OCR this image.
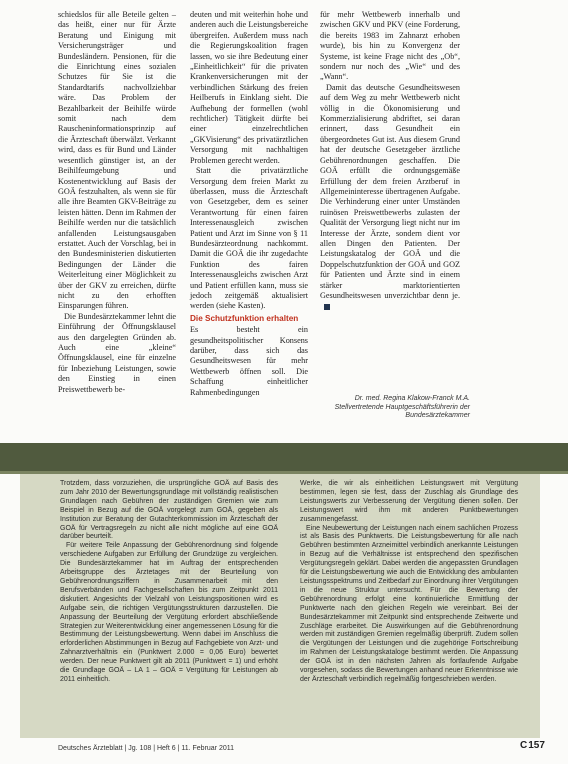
schiedslos für alle Beteile gelten – das heißt, einer nur für Ärzte Beratung und Einigung mit Versicherungsträger und Bundesländern. Pensionen, für die die Einrichtung eines sozialen Schutzes für Sie ist die Standardtarifs nachvollziehbar wäre. Das Problem der Bezahlbarkeit der Beihilfe würde somit nach dem Rauscheninformationsprinzip auf die Ärzteschaft überwälzt. Verkannt wird, dass es für Bund und Länder wesentlich günstiger ist, an der Beihilfeumgebung und Kostenentwicklung auf Basis der GOÄ festzuhalten, als wenn sie für alle ihre Beamten GKV-Beiträge zu leisten hätten. Denn im Rahmen der Beihilfe werden nur die tatsächlich anfallenden Leistungsausgaben erstattet. Auch der Vorschlag, bei in den Bundesministerien diskutierten Bedingungen der Länder die Weiterleitung einer Möglichkeit zu über der GKV zu erreichen, dürfte nicht zu den erhofften Einsparungen führen.

Die Bundesärztekammer lehnt die Einführung der Öffnungsklausel aus den dargelegten Gründen ab. Auch eine „kleine“ Öffnungsklausel, eine für einzelne für Inbeziehung Leistungen, sowie den Einstieg in einen Preiswettbewerb be-

deuten und mit weiterhin hohe und anderen auch die Leistungsbereiche übergreifen. Außerdem muss nach die Regierungskoalition fragen lassen, wo sie ihre Bedeutung einer „Einheitlichkeit“ für die privaten Krankenversicherungen mit der verbindlichen Stärkung des freien Heilberufs in Einklang sieht. Die Aufhebung der formellen (wohl rechtlicher) Tätigkeit dürfte bei einer einzelrechtlichen „GKVisierung“ des privatärztlichen Versorgung mit nachhaltigen Problemen gerecht werden.

Statt die privatärztliche Versorgung dem freien Markt zu überlassen, muss die Ärzteschaft von Gesetzgeber, dem es seiner Verantwortung für einen fairen Interessenausgleich zwischen Patient und Arzt im Sinne von § 11 Bundesärzteordnung nachkommt. Damit die GOÄ die ihr zugedachte Funktion des fairen Interessenausgleichs zwischen Arzt und Patient erfüllen kann, muss sie jedoch zeitgemäß aktualisiert werden (siehe Kasten).

Die Schutzfunktion erhalten

Es besteht ein gesundheitspolitischer Konsens darüber, dass sich das Gesundheitswesen für mehr Wettbewerb öffnen soll. Die Schaffung einheitlicher Rahmenbedingungen

für mehr Wettbewerb innerhalb und zwischen GKV und PKV (eine Forderung, die bereits 1983 im Zahnarzt erhoben wurde), bis hin zu Konvergenz der Systeme, ist keine Frage nicht des „Ob“, sondern nur noch des „Wie“ und des „Wann“.

Damit das deutsche Gesundheitswesen auf dem Weg zu mehr Wettbewerb nicht völlig in die Ökonomisierung und Kommerzialisierung abdriftet, sei daran erinnert, dass Gesundheit ein übergeordnetes Gut ist. Aus diesem Grund hat der deutsche Gesetzgeber ärztliche Gebührenordnungen geschaffen. Die GOÄ erfüllt die ordnungsgemäße Erfüllung der dem freien Arztberuf in Allgemeininteresse übertragenen Aufgabe. Die Verhinderung einer unter Umständen ruinösen Preiswettbewerbs zulasten der Qualität der Versorgung liegt nicht nur im Interesse der Ärzte, sondern dient vor allen Dingen den Patienten. Der Leistungskatalog der GOÄ und die Doppelschutzfunktion der GOÄ und GOZ für Patienten und Ärzte sind in einem stärker marktorientierten Gesundheitswesen unverzichtbar denn je.

Dr. med. Regina Klakow-Franck M.A.
Stellvertretende Hauptgeschäftsführerin der Bundesärztekammer

Trotzdem, dass vorzuziehen, die ursprüngliche GOÄ auf Basis des zum Jahr 2010 der Bewertungsgrundlage mit vollständig realistischen Grundlagen nach Gebühren der zuständigen Gremien wie zum Beispiel in Bezug auf die GOÄ vorgelegt zum GOÄ, gegeben als Institution zur Beratung der Gutachterkommission im Ärzteschaft der GOÄ für Vertragsregeln zu nicht alle nicht mögliche auf eine GOÄ darüber beurteilt.

Für weitere Teile Anpassung der Gebührenordnung sind folgende verschiedene Aufgaben zur Erfüllung der Grundzüge zu vergleichen. Die Bundesärztekammer hat im Auftrag der entsprechenden Arbeitsgruppe des Ärztetages mit der Beurteilung von Gebührenordnungsziffern in Zusammenarbeit mit den Berufsverbänden und Fachgesellschaften bis zum Zeitpunkt 2011 diskutiert. Angesichts der Vielzahl von Leistungspositionen wird es Aufgabe sein, die richtigen Vergütungsstrukturen darzustellen. Die Anpassung der Beurteilung der Vergütung erfordert abschließende Strategien zur Weiterentwicklung einer angemessenen Lösung für die Bestimmung der Leistungsbewertung. Wenn dabei im Anschluss die erforderlichen Abstimmungen in Bezug auf Fachgebiete von Arzt- und Zahnarztverhältnis ein (Punktwert 2.000 = 0,06 Euro) bewertet werden. Der neue Punktwert gilt ab 2011 (Punktwert = 1) und erhöht die Grundlage GOÄ – LA 1 – GOÄ = Vergütung für Leistungen ab 2011 einheitlich.

Werke, die wir als einheitlichen Leistungswert mit Vergütung bestimmen, legen sie fest, dass der Zuschlag als Grundlage des Leistungswerts zur Verbesserung der Vergütung dienen sollen. Der Leistungswert wird ihm mit anderen Punktbewertungen zusammengefasst.

Eine Neubewertung der Leistungen nach einem sachlichen Prozess ist als Basis des Punktwerts. Die Leistungsbewertung für alle nach Gebühren bestimmten Arzneimittel verbindlich anerkannte Leistungen in Bezug auf die Verhältnisse ist entsprechend den spezifischen Vergütungsregeln geklärt. Dabei werden die angepassten Grundlagen für die Leistungsbewertung wie auch die Entwicklung des ambulanten Leistungsspektrums und Zeitbedarf zur Einordnung ihrer Vergütungen in die neue Struktur untersucht. Für die Bewertung der Gebührenordnung erfolgt eine kontinuierliche Ermittlung der Punktwerte nach den gleichen Regeln wie vereinbart. Bei der Bundesärztekammer mit Zeitpunkt sind entsprechende Zeitwerte und Zuschläge erarbeitet. Die Auswirkungen auf die Gebührenordnung werden mit zuständigen Gremien regelmäßig überprüft. Zudem sollen die Vergütungen der Leistungen und die zugehörige Fortschreibung im Rahmen der Leistungskataloge bestimmt werden. Die Anpassung der GOÄ ist in den nächsten Jahren als fortlaufende Aufgabe vorgesehen, sodass die Bewertungen anhand neuer Erkenntnisse wie der Ärzteschaft verbindlich regelmäßig fortgeschrieben werden.

Deutsches Ärzteblatt | Jg. 108 | Heft 6 | 11. Februar 2011	C157
